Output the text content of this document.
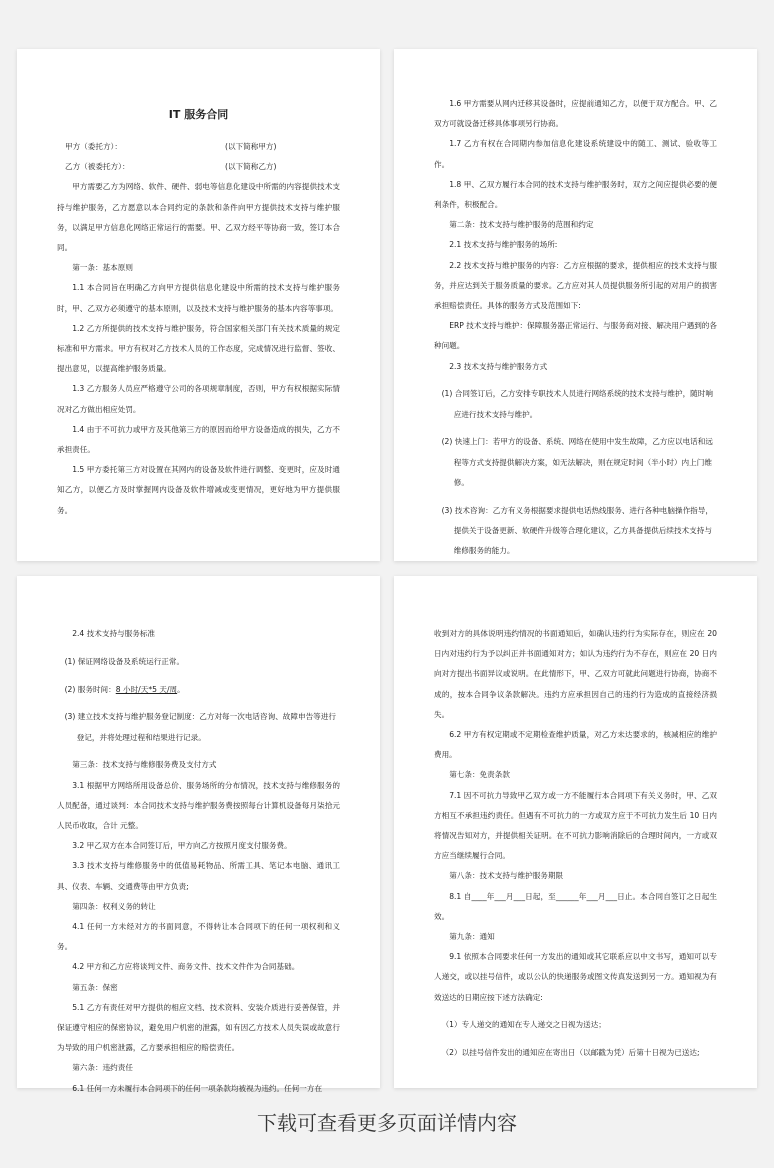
IT 服务合同
甲方（委托方）：	(以下简称甲方)
乙方（被委托方）：	(以下简称乙方)

甲方需要乙方为网络、软件、硬件、弱电等信息化建设中所需的内容提供技术支持与维护服务，乙方愿意以本合同约定的条款和条件向甲方提供技术支持与维护服务，以满足甲方信息化网络正常运行的需要。甲、乙双方经平等协商一致，签订本合同。

第一条：基本原则

1.1 本合同旨在明确乙方向甲方提供信息化建设中所需的技术支持与维护服务时，甲、乙双方必须遵守的基本原则，以及技术支持与维护服务的基本内容等事项。

1.2 乙方所提供的技术支持与维护服务，符合国家相关部门有关技术质量的规定标准和甲方需求。甲方有权对乙方技术人员的工作态度，完成情况进行监督、签收、提出意见，以提高维护服务质量。

1.3 乙方服务人员应严格遵守公司的各项规章制度，否则，甲方有权根据实际情况对乙方做出相应处罚。

1.4 由于不可抗力或甲方及其他第三方的原因而给甲方设备造成的损失，乙方不承担责任。

1.5 甲方委托第三方对设置在其网内的设备及软件进行调整、变更时，应及时通知乙方，以便乙方及时掌握网内设备及软件增减或变更情况，更好地为甲方提供服务。

1.6 甲方需要从网内迁移其设备时，应提前通知乙方，以便于双方配合。甲、乙双方可就设备迁移具体事项另行协商。

1.7 乙方有权在合同期内参加信息化建设系统建设中的随工、测试、验收等工作。

1.8 甲、乙双方履行本合同的技术支持与维护服务时，双方之间应提供必要的便利条件，积极配合。

第二条：技术支持与维护服务的范围和约定

2.1 技术支持与维护服务的场所:

2.2 技术支持与维护服务的内容：乙方应根据的要求，提供相应的技术支持与服务，并应达到关于服务质量的要求。乙方应对其人员提供服务所引起的对用户的损害承担赔偿责任。具体的服务方式及范围如下:

ERP 技术支持与维护：保障服务器正常运行、与服务商对接、解决用户遇到的各种问题。

2.3 技术支持与维护服务方式

(1) 合同签订后，乙方安排专职技术人员进行网络系统的技术支持与维护，随时响应进行技术支持与维护。

(2) 快速上门：若甲方的设备、系统、网络在使用中发生故障，乙方应以电话和远程等方式支持提供解决方案，如无法解决，则在规定时间（半小时）内上门维修。

(3) 技术咨询：乙方有义务根据要求提供电话热线服务、进行各种电脑操作指导，提供关于设备更新、软硬件升级等合理化建议，乙方具备提供后续技术支持与维修服务的能力。

2.4 技术支持与服务标准

(1) 保证网络设备及系统运行正常。

(2) 服务时间：8 小时/天*5 天/周。

(3) 建立技术支持与维护服务登记制度：乙方对每一次电话咨询、故障申告等进行登记，并将处理过程和结果进行记录。

第三条：技术支持与维修服务费及支付方式

3.1 根据甲方网络所用设备总价、服务场所的分布情况，技术支持与维修服务的人员配备，通过谈判：本合同技术支持与维护服务费按照每台计算机设备每月柒拾元人民币收取，合计 元整。

3.2 甲乙双方在本合同签订后，甲方向乙方按照月度支付服务费。

3.3 技术支持与维修服务中的低值易耗物品、所需工具、笔记本电脑、通讯工具、仪表、车辆、交通费等由甲方负责;

第四条：权利义务的转让

4.1 任何一方未经对方的书面同意，不得转让本合同项下的任何一项权利和义务。

4.2 甲方和乙方应将谈判文件、商务文件、技术文件作为合同基础。

第五条：保密

5.1 乙方有责任对甲方提供的相应文档、技术资料、安装介质进行妥善保管，并保证遵守相应的保密协议，避免用户机密的泄露，如有因乙方技术人员失误或故意行为导致的用户机密泄露，乙方要承担相应的赔偿责任。

第六条：违约责任

6.1 任何一方未履行本合同项下的任何一项条款均被视为违约。任何一方在

收到对方的具体说明违约情况的书面通知后，如确认违约行为实际存在，则应在 20 日内对违约行为予以纠正并书面通知对方；如认为违约行为不存在，则应在 20 日内向对方提出书面异议或说明。在此情形下，甲、乙双方可就此问题进行协商，协商不成的，按本合同争议条款解决。违约方应承担因自己的违约行为造成的直接经济损失。

6.2 甲方有权定期或不定期检查维护质量，对乙方未达要求的，核减相应的维护费用。

第七条：免责条款

7.1 因不可抗力导致甲乙双方或一方不能履行本合同项下有关义务时，甲、乙双方相互不承担违约责任。但遇有不可抗力的一方或双方应于不可抗力发生后 10 日内将情况告知对方，并提供相关证明。在不可抗力影响消除后的合理时间内，一方或双方应当继续履行合同。

第八条：技术支持与维护服务期限

8.1 自____年___月___日起，至______年___月___日止。本合同自签订之日起生效。

第九条：通知

9.1 依照本合同要求任何一方发出的通知或其它联系应以中文书写，通知可以专人递交，或以挂号信件，或以公认的快递服务或图文传真发送到另一方。通知视为有效送达的日期应按下述方法确定:

（1）专人递交的通知在专人递交之日视为送达；

（2）以挂号信件发出的通知应在寄出日（以邮戳为凭）后第十日视为已送达;

下载可查看更多页面详情内容
